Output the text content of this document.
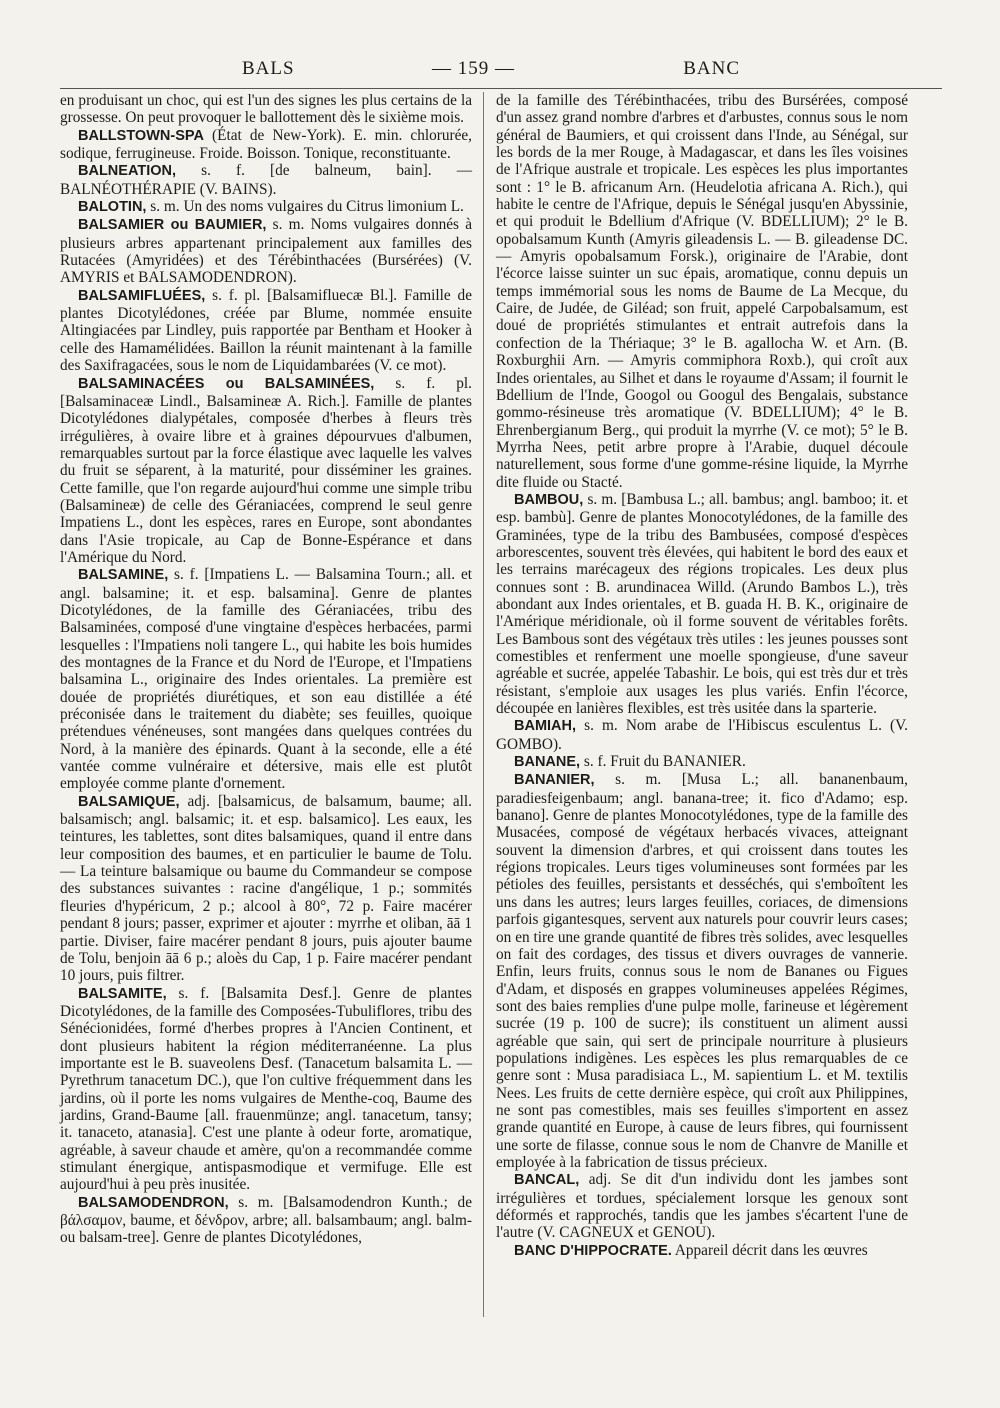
BALS	— 159 —	BANC

en produisant un choc, qui est l'un des signes les plus certains de la grossesse. On peut provoquer le ballottement dès le sixième mois.

BALLSTOWN-SPA (État de New-York). E. min. chlorurée, sodique, ferrugineuse. Froide. Boisson. Tonique, reconstituante.

BALNEATION, s. f. [de balneum, bain]. — BALNÉOTHÉRAPIE (V. BAINS).

BALOTIN, s. m. Un des noms vulgaires du Citrus limonium L.

BALSAMIER ou BAUMIER, s. m. Noms vulgaires donnés à plusieurs arbres appartenant principalement aux familles des Rutacées (Amyridées) et des Térébinthacées (Bursérées) (V. AMYRIS et BALSAMODENDRON).

BALSAMIFLUÉES, s. f. pl. [Balsamifluecæ Bl.]. Famille de plantes Dicotylédones, créée par Blume, nommée ensuite Altingiacées par Lindley, puis rapportée par Bentham et Hooker à celle des Hamamélidées. Baillon la réunit maintenant à la famille des Saxifragacées, sous le nom de Liquidambarées (V. ce mot).

BALSAMINACÉES ou BALSAMINÉES, s. f. pl. [Balsaminaceæ Lindl., Balsamineæ A. Rich.]. Famille de plantes Dicotylédones dialypétales, composée d'herbes à fleurs très irrégulières, à ovaire libre et à graines dépourvues d'albumen, remarquables surtout par la force élastique avec laquelle les valves du fruit se séparent, à la maturité, pour disséminer les graines. Cette famille, que l'on regarde aujourd'hui comme une simple tribu (Balsamineæ) de celle des Géraniacées, comprend le seul genre Impatiens L., dont les espèces, rares en Europe, sont abondantes dans l'Asie tropicale, au Cap de Bonne-Espérance et dans l'Amérique du Nord.

BALSAMINE, s. f. [Impatiens L. — Balsamina Tourn.; all. et angl. balsamine; it. et esp. balsamina]. Genre de plantes Dicotylédones, de la famille des Géraniacées, tribu des Balsaminées, composé d'une vingtaine d'espèces herbacées, parmi lesquelles : l'Impatiens noli tangere L., qui habite les bois humides des montagnes de la France et du Nord de l'Europe, et l'Impatiens balsamina L., originaire des Indes orientales. La première est douée de propriétés diurétiques, et son eau distillée a été préconisée dans le traitement du diabète; ses feuilles, quoique prétendues vénéneuses, sont mangées dans quelques contrées du Nord, à la manière des épinards. Quant à la seconde, elle a été vantée comme vulnéraire et détersive, mais elle est plutôt employée comme plante d'ornement.

BALSAMIQUE, adj. [balsamicus, de balsamum, baume; all. balsamisch; angl. balsamic; it. et esp. balsamico]. Les eaux, les teintures, les tablettes, sont dites balsamiques, quand il entre dans leur composition des baumes, et en particulier le baume de Tolu. — La teinture balsamique ou baume du Commandeur se compose des substances suivantes : racine d'angélique, 1 p.; sommités fleuries d'hypéricum, 2 p.; alcool à 80°, 72 p. Faire macérer pendant 8 jours; passer, exprimer et ajouter : myrrhe et oliban, āā 1 partie. Diviser, faire macérer pendant 8 jours, puis ajouter baume de Tolu, benjoin āā 6 p.; aloès du Cap, 1 p. Faire macérer pendant 10 jours, puis filtrer.

BALSAMITE, s. f. [Balsamita Desf.]. Genre de plantes Dicotylédones, de la famille des Composées-Tubuliflores, tribu des Sénécionidées, formé d'herbes propres à l'Ancien Continent, et dont plusieurs habitent la région méditerranéenne. La plus importante est le B. suaveolens Desf. (Tanacetum balsamita L. — Pyrethrum tanacetum DC.), que l'on cultive fréquemment dans les jardins, où il porte les noms vulgaires de Menthe-coq, Baume des jardins, Grand-Baume [all. frauenmünze; angl. tanacetum, tansy; it. tanaceto, atanasia]. C'est une plante à odeur forte, aromatique, agréable, à saveur chaude et amère, qu'on a recommandée comme stimulant énergique, antispasmodique et vermifuge. Elle est aujourd'hui à peu près inusitée.

BALSAMODENDRON, s. m. [Balsamodendron Kunth.; de βάλσαμον, baume, et δένδρον, arbre; all. balsambaum; angl. balm- ou balsam-tree]. Genre de plantes Dicotylédones,

de la famille des Térébinthacées, tribu des Bursérées, composé d'un assez grand nombre d'arbres et d'arbustes, connus sous le nom général de Baumiers, et qui croissent dans l'Inde, au Sénégal, sur les bords de la mer Rouge, à Madagascar, et dans les îles voisines de l'Afrique australe et tropicale. Les espèces les plus importantes sont : 1° le B. africanum Arn. (Heudelotia africana A. Rich.), qui habite le centre de l'Afrique, depuis le Sénégal jusqu'en Abyssinie, et qui produit le Bdellium d'Afrique (V. BDELLIUM); 2° le B. opobalsamum Kunth (Amyris gileadensis L. — B. gileadense DC. — Amyris opobalsamum Forsk.), originaire de l'Arabie, dont l'écorce laisse suinter un suc épais, aromatique, connu depuis un temps immémorial sous les noms de Baume de La Mecque, du Caire, de Judée, de Giléad; son fruit, appelé Carpobalsamum, est doué de propriétés stimulantes et entrait autrefois dans la confection de la Thériaque; 3° le B. agallocha W. et Arn. (B. Roxburghii Arn. — Amyris commiphora Roxb.), qui croît aux Indes orientales, au Silhet et dans le royaume d'Assam; il fournit le Bdellium de l'Inde, Googol ou Googul des Bengalais, substance gommo-résineuse très aromatique (V. BDELLIUM); 4° le B. Ehrenbergianum Berg., qui produit la myrrhe (V. ce mot); 5° le B. Myrrha Nees, petit arbre propre à l'Arabie, duquel découle naturellement, sous forme d'une gomme-résine liquide, la Myrrhe dite fluide ou Stacté.

BAMBOU, s. m. [Bambusa L.; all. bambus; angl. bamboo; it. et esp. bambù]. Genre de plantes Monocotylédones, de la famille des Graminées, type de la tribu des Bambusées, composé d'espèces arborescentes, souvent très élevées, qui habitent le bord des eaux et les terrains marécageux des régions tropicales. Les deux plus connues sont : B. arundinacea Willd. (Arundo Bambos L.), très abondant aux Indes orientales, et B. guada H. B. K., originaire de l'Amérique méridionale, où il forme souvent de véritables forêts. Les Bambous sont des végétaux très utiles : les jeunes pousses sont comestibles et renferment une moelle spongieuse, d'une saveur agréable et sucrée, appelée Tabashir. Le bois, qui est très dur et très résistant, s'emploie aux usages les plus variés. Enfin l'écorce, découpée en lanières flexibles, est très usitée dans la sparterie.

BAMIAH, s. m. Nom arabe de l'Hibiscus esculentus L. (V. GOMBO).

BANANE, s. f. Fruit du BANANIER.

BANANIER, s. m. [Musa L.; all. bananenbaum, paradiesfeigenbaum; angl. banana-tree; it. fico d'Adamo; esp. banano]. Genre de plantes Monocotylédones, type de la famille des Musacées, composé de végétaux herbacés vivaces, atteignant souvent la dimension d'arbres, et qui croissent dans toutes les régions tropicales. Leurs tiges volumineuses sont formées par les pétioles des feuilles, persistants et desséchés, qui s'emboîtent les uns dans les autres; leurs larges feuilles, coriaces, de dimensions parfois gigantesques, servent aux naturels pour couvrir leurs cases; on en tire une grande quantité de fibres très solides, avec lesquelles on fait des cordages, des tissus et divers ouvrages de vannerie. Enfin, leurs fruits, connus sous le nom de Bananes ou Figues d'Adam, et disposés en grappes volumineuses appelées Régimes, sont des baies remplies d'une pulpe molle, farineuse et légèrement sucrée (19 p. 100 de sucre); ils constituent un aliment aussi agréable que sain, qui sert de principale nourriture à plusieurs populations indigènes. Les espèces les plus remarquables de ce genre sont : Musa paradisiaca L., M. sapientium L. et M. textilis Nees. Les fruits de cette dernière espèce, qui croît aux Philippines, ne sont pas comestibles, mais ses feuilles s'importent en assez grande quantité en Europe, à cause de leurs fibres, qui fournissent une sorte de filasse, connue sous le nom de Chanvre de Manille et employée à la fabrication de tissus précieux.

BANCAL, adj. Se dit d'un individu dont les jambes sont irrégulières et tordues, spécialement lorsque les genoux sont déformés et rapprochés, tandis que les jambes s'écartent l'une de l'autre (V. CAGNEUX et GENOU).

BANC D'HIPPOCRATE. Appareil décrit dans les œuvres
